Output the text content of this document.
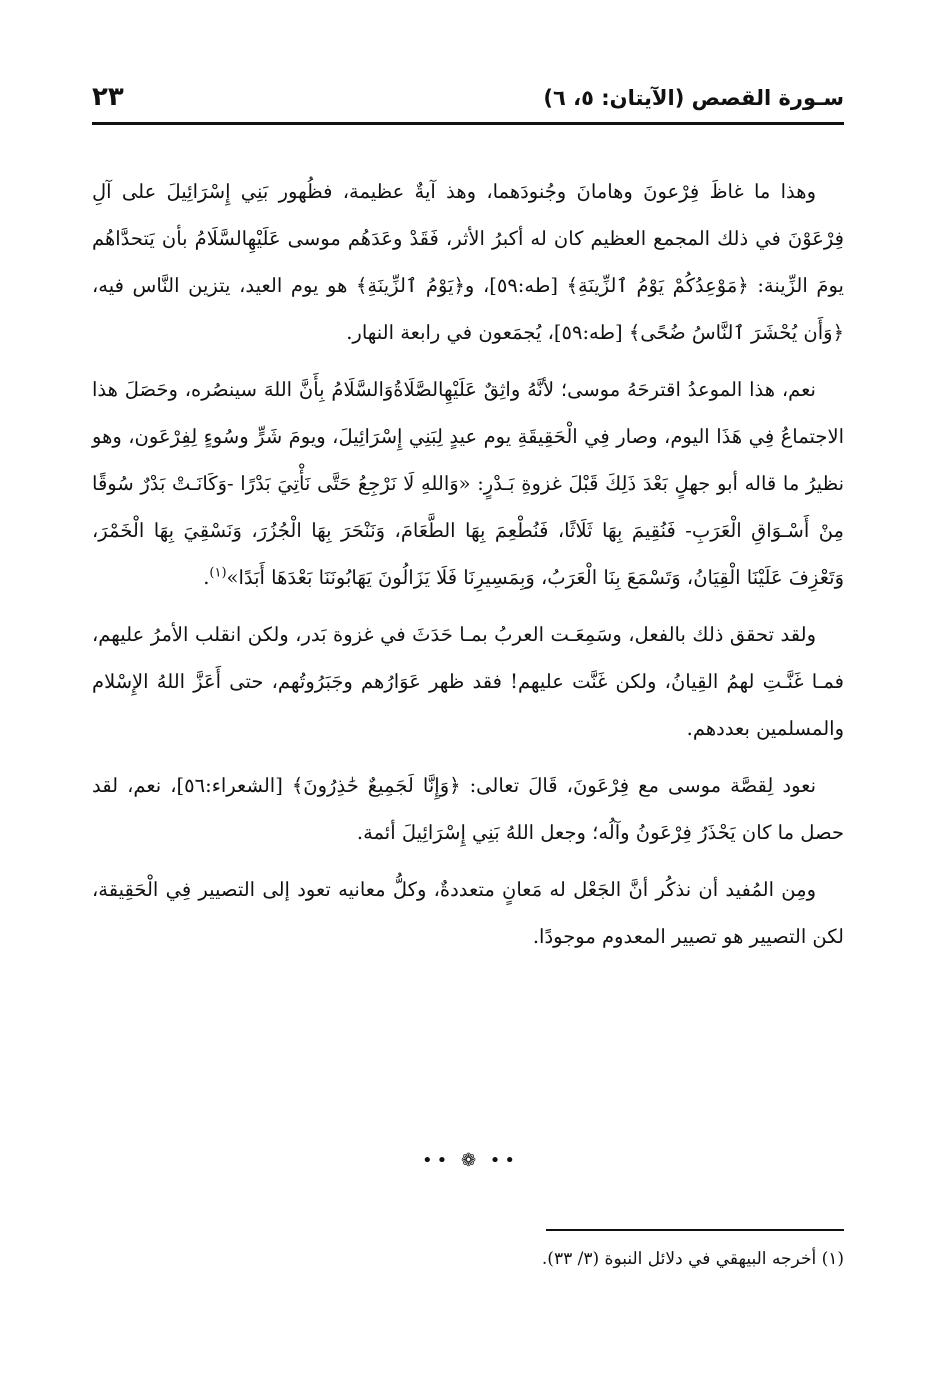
سـورة القصص (الآيتان: ٥، ٦)
٢٣

وهذا ما غاظَ فِرْعونَ وهامانَ وجُنودَهما، وهذ آيةٌ عظيمة، فظُهور بَنِي إِسْرَائِيلَ على آلِ فِرْعَوْنَ في ذلك المجمع العظيم كان له أكبرُ الأثر، فَقَدْ وعَدَهُم موسى عَلَيْهِالسَّلَامُ بأن يَتحدَّاهُم يومَ الزِّينة: ﴿مَوْعِدُكُمْ يَوْمُ ٱلزِّينَةِ﴾ [طه:٥٩]، و﴿يَوْمُ ٱلزِّينَةِ﴾ هو يوم العيد، يتزين النَّاس فيه، ﴿وَأَن يُحْشَرَ ٱلنَّاسُ ضُحًى﴾ [طه:٥٩]، يُجمَعون في رابعة النهار.

نعم، هذا الموعدُ اقترحَهُ موسى؛ لأنَّهُ واثِقٌ عَلَيْهِالصَّلَاةُوَالسَّلَامُ بِأَنَّ اللهَ سينصُره، وحَصَلَ هذا الاجتماعُ فِي هَذَا اليوم، وصار فِي الْحَقِيقَةِ يوم عيدٍ لِبَنِي إِسْرَائِيلَ، ويومَ شَرٍّ وسُوءٍ لِفِرْعَون، وهو نظيرُ ما قاله أبو جهلٍ بَعْدَ ذَلِكَ قَبْلَ غزوةِ بَـدْرٍ: «وَاللهِ لَا نَرْجِعُ حَتَّى نَأْتِيَ بَدْرًا -وَكَانَـتْ بَدْرٌ سُوقًا مِنْ أَسْـوَاقِ الْعَرَبِ- فَنُقِيمَ بِهَا ثَلَاثًا، فَنُطْعِمَ بِهَا الطَّعَامَ، وَنَنْحَرَ بِهَا الْجُزُرَ، وَنَسْقِيَ بِهَا الْخَمْرَ، وَتَعْزِفَ عَلَيْنَا الْقِيَانُ، وَتَسْمَعَ بِنَا الْعَرَبُ، وَبِمَسِيرِنَا فَلَا يَزَالُونَ يَهَابُونَنَا بَعْدَهَا أَبَدًا»$^{(١)}$.

ولقد تحقق ذلك بالفعل، وسَمِعَـت العربُ بمـا حَدَثَ في غزوة بَدر، ولكن انقلب الأمرُ عليهم، فمـا غَنَّـتِ لهمُ القِيانُ، ولكن غَنَّت عليهم! فقد ظهر عَوَارُهم وجَبَرُوتُهم، حتى أَعَزَّ اللهُ الإِسْلام والمسلمين بعددهم.

نعود لِقصَّة موسى مع فِرْعَونَ، قَالَ تعالى: ﴿وَإِنَّا لَجَمِيعٌ حَٰذِرُونَ﴾ [الشعراء:٥٦]، نعم، لقد حصل ما كان يَحْذَرُ فِرْعَونُ وآلُه؛ وجعل اللهُ بَنِي إِسْرَائِيلَ أئمة.

ومِن المُفيد أن نذكُر أنَّ الجَعْل له مَعانٍ متعددةٌ، وكلُّ معانيه تعود إلى التصيير فِي الْحَقِيقة، لكن التصيير هو تصيير المعدوم موجودًا.

•• ❁ ••
(١) أخرجه البيهقي في دلائل النبوة (٣/ ٣٣).
